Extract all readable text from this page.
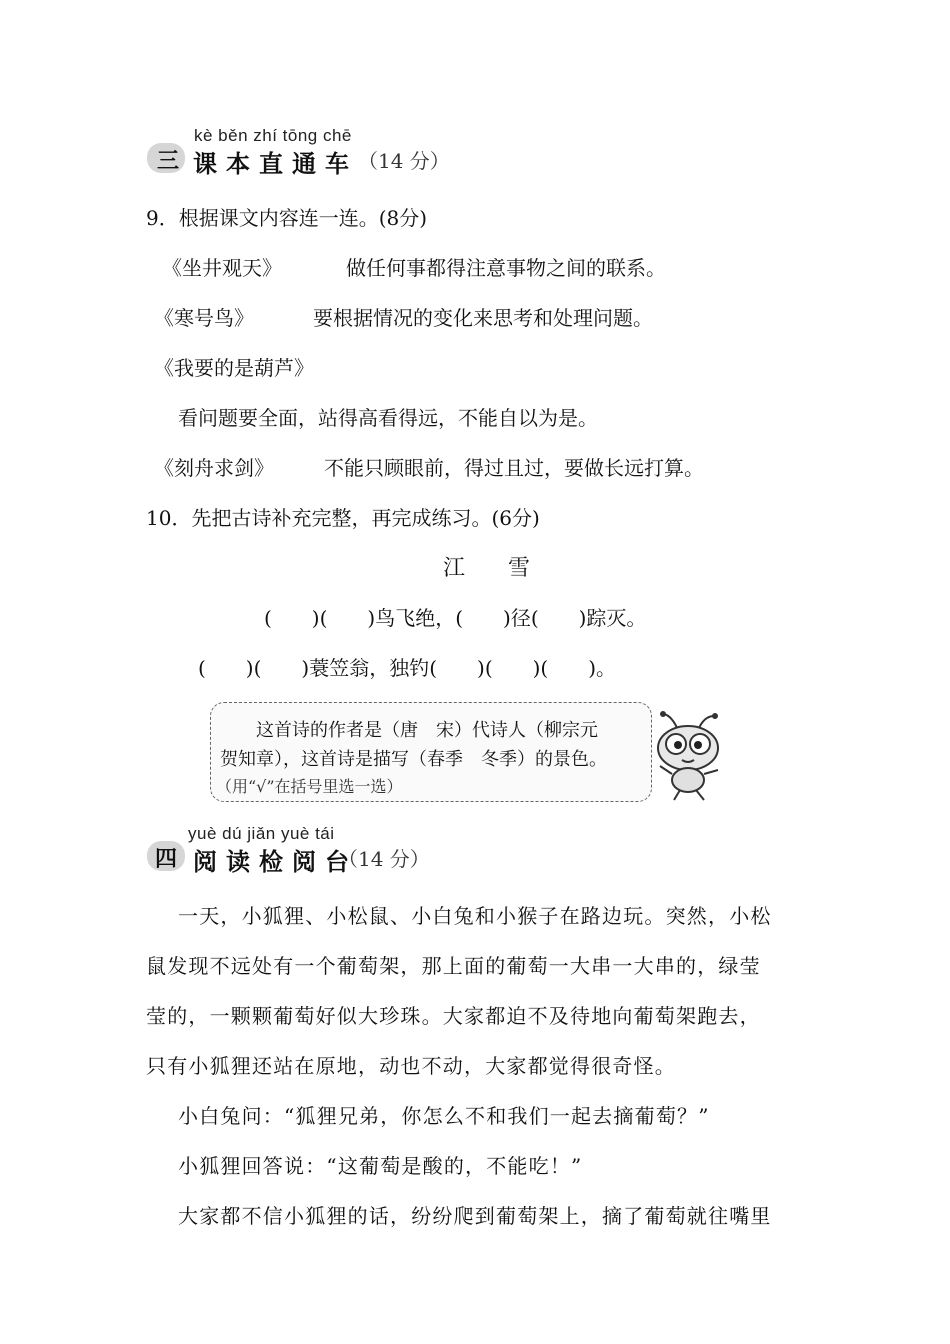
kè běn zhí tōng chē
三 课本直通车 （14 分）
9．根据课文内容连一连。(8分)
《坐井观天》	做任何事都得注意事物之间的联系。
《寒号鸟》	要根据情况的变化来思考和处理问题。
《我要的是葫芦》
看问题要全面，站得高看得远，不能自以为是。
《刻舟求剑》	不能只顾眼前，得过且过，要做长远打算。
10．先把古诗补充完整，再完成练习。(6分)
江 雪
(　　)(　　)鸟飞绝，(　　)径(　　)踪灭。
(　　)(　　)蓑笠翁，独钓(　　)(　　)(　　)。
这首诗的作者是（唐　宋）代诗人（柳宗元
贺知章），这首诗是描写（春季　冬季）的景色。
（用“√”在括号里选一选）
yuè dú jiǎn yuè tái
四 阅读检阅台
（14 分）
一天，小狐狸、小松鼠、小白兔和小猴子在路边玩。突然，小松
鼠发现不远处有一个葡萄架，那上面的葡萄一大串一大串的，绿莹
莹的，一颗颗葡萄好似大珍珠。大家都迫不及待地向葡萄架跑去，
只有小狐狸还站在原地，动也不动，大家都觉得很奇怪。
小白兔问：“狐狸兄弟，你怎么不和我们一起去摘葡萄？”
小狐狸回答说：“这葡萄是酸的，不能吃！”
大家都不信小狐狸的话，纷纷爬到葡萄架上，摘了葡萄就往嘴里
